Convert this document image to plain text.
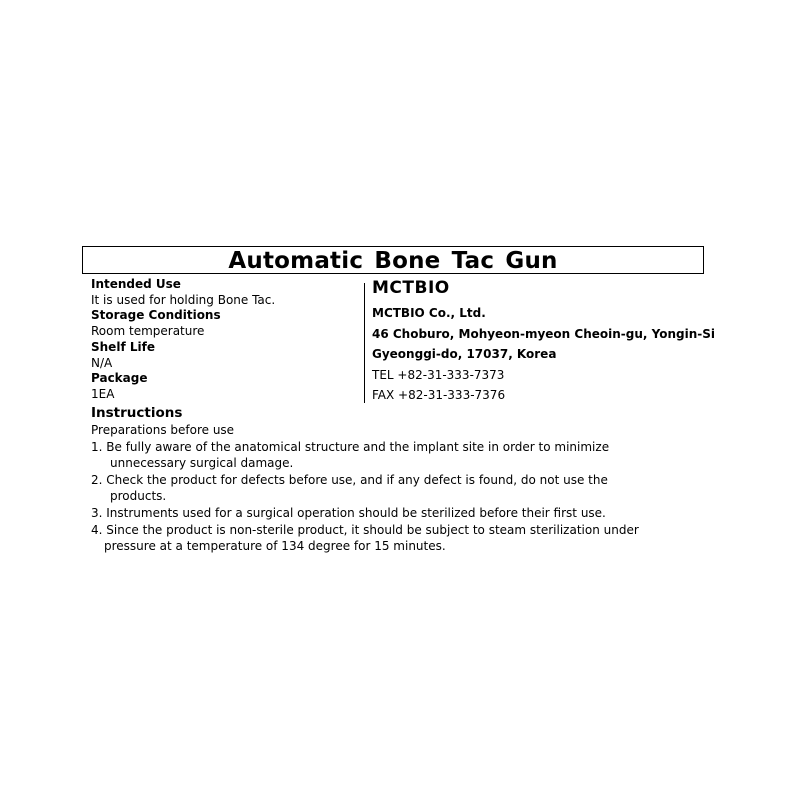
Automatic Bone Tac Gun
Intended Use
It is used for holding Bone Tac.
Storage Conditions
Room temperature
Shelf Life
N/A
Package
1EA
MCTBIO
MCTBIO Co., Ltd.
46 Choburo, Mohyeon-myeon Cheoin-gu, Yongin-Si
Gyeonggi-do, 17037, Korea
TEL +82-31-333-7373
FAX +82-31-333-7376
Instructions
Preparations before use
1. Be fully aware of the anatomical structure and the implant site in order to minimize
unnecessary surgical damage.
2. Check the product for defects before use, and if any defect is found, do not use the
products.
3. Instruments used for a surgical operation should be sterilized before their first use.
4. Since the product is non-sterile product, it should be subject to steam sterilization under
pressure at a temperature of 134 degree for 15 minutes.
